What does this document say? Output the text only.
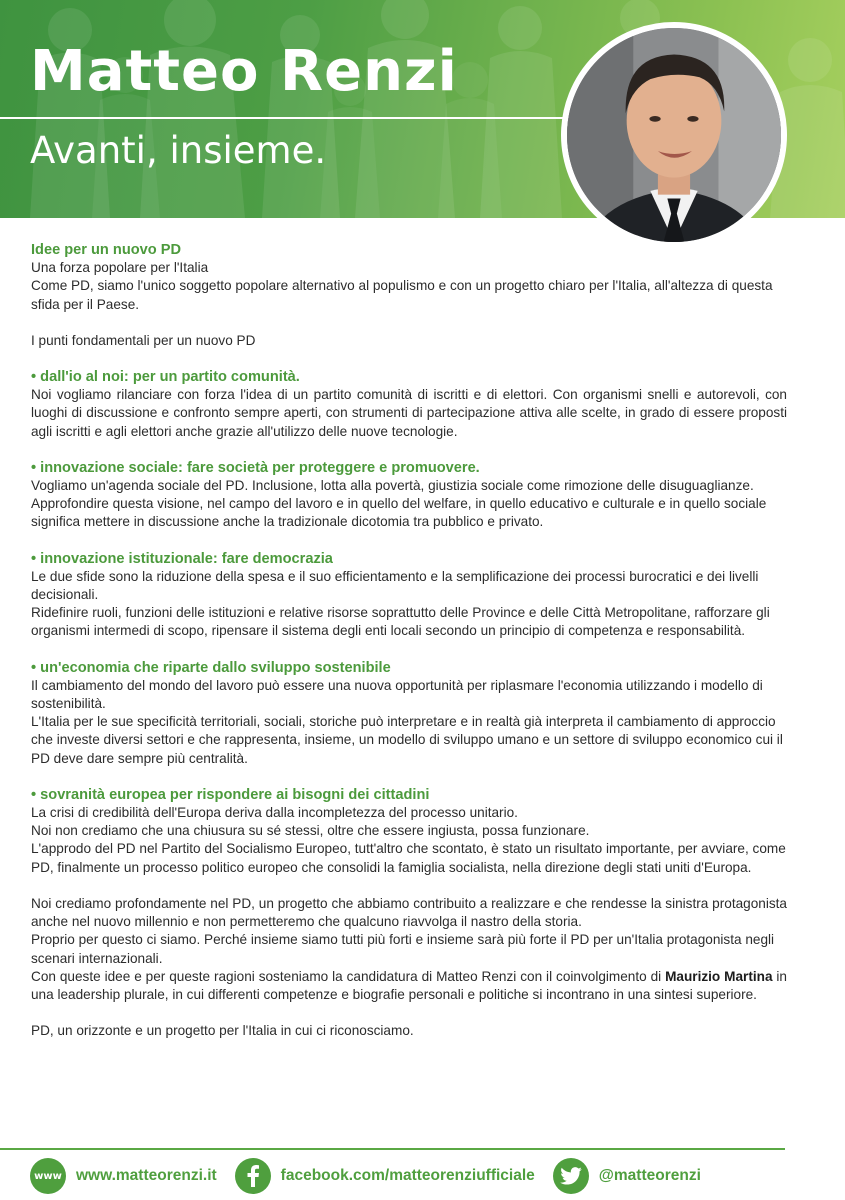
Matteo Renzi
Avanti, insieme.

Idee per un nuovo PD

Una forza popolare per l'Italia

Come PD, siamo l'unico soggetto popolare alternativo al populismo e con un progetto chiaro per l'Italia, all'altezza di questa sfida per il Paese.

I punti fondamentali per un nuovo PD

• dall'io al noi: per un partito comunità.

Noi vogliamo rilanciare con forza l'idea di un partito comunità di iscritti e di elettori. Con organismi snelli e autorevoli, con luoghi di discussione e confronto sempre aperti, con strumenti di partecipazione attiva alle scelte, in grado di essere proposti agli iscritti e agli elettori anche grazie all'utilizzo delle nuove tecnologie.

• innovazione sociale: fare società per proteggere e promuovere.

Vogliamo un'agenda sociale del PD. Inclusione, lotta alla povertà, giustizia sociale come rimozione delle disuguaglianze.

Approfondire questa visione, nel campo del lavoro e in quello del welfare, in quello educativo e culturale e in quello sociale significa mettere in discussione anche la tradizionale dicotomia tra pubblico e privato.

• innovazione istituzionale: fare democrazia

Le due sfide sono la riduzione della spesa e il suo efficientamento e la semplificazione dei processi burocratici e dei livelli decisionali.

Ridefinire ruoli, funzioni delle istituzioni e relative risorse soprattutto delle Province e delle Città Metropolitane, rafforzare gli organismi intermedi di scopo, ripensare il sistema degli enti locali secondo un principio di competenza e responsabilità.

• un'economia che riparte dallo sviluppo sostenibile

Il cambiamento del mondo del lavoro può essere una nuova opportunità per riplasmare l'economia utilizzando i modello di sostenibilità.

L'Italia per le sue specificità territoriali, sociali, storiche può interpretare e in realtà già interpreta il cambiamento di approccio che investe diversi settori e che rappresenta, insieme, un modello di sviluppo umano e un settore di sviluppo economico cui il PD deve dare sempre più centralità.

• sovranità europea per rispondere ai bisogni dei cittadini

La crisi di credibilità dell'Europa deriva dalla incompletezza del processo unitario.

Noi non crediamo che una chiusura su sé stessi, oltre che essere ingiusta, possa funzionare.

L'approdo del PD nel Partito del Socialismo Europeo, tutt'altro che scontato, è stato un risultato importante, per avviare, come PD, finalmente un processo politico europeo che consolidi la famiglia socialista, nella direzione degli stati uniti d'Europa.

Noi crediamo profondamente nel PD, un progetto che abbiamo contribuito a realizzare e che rendesse la sinistra protagonista anche nel nuovo millennio e non permetteremo che qualcuno riavvolga il nastro della storia.

Proprio per questo ci siamo. Perché insieme siamo tutti più forti e insieme sarà più forte il PD per un'Italia protagonista negli scenari internazionali.

Con queste idee e per queste ragioni sosteniamo la candidatura di Matteo Renzi con il coinvolgimento di Maurizio Martina in una leadership plurale, in cui differenti competenze e biografie personali e politiche si incontrano in una sintesi superiore.

PD, un orizzonte e un progetto per l'Italia in cui ci riconosciamo.

www www.matteorenzi.it	facebook.com/matteorenziufficiale	@matteorenzi
